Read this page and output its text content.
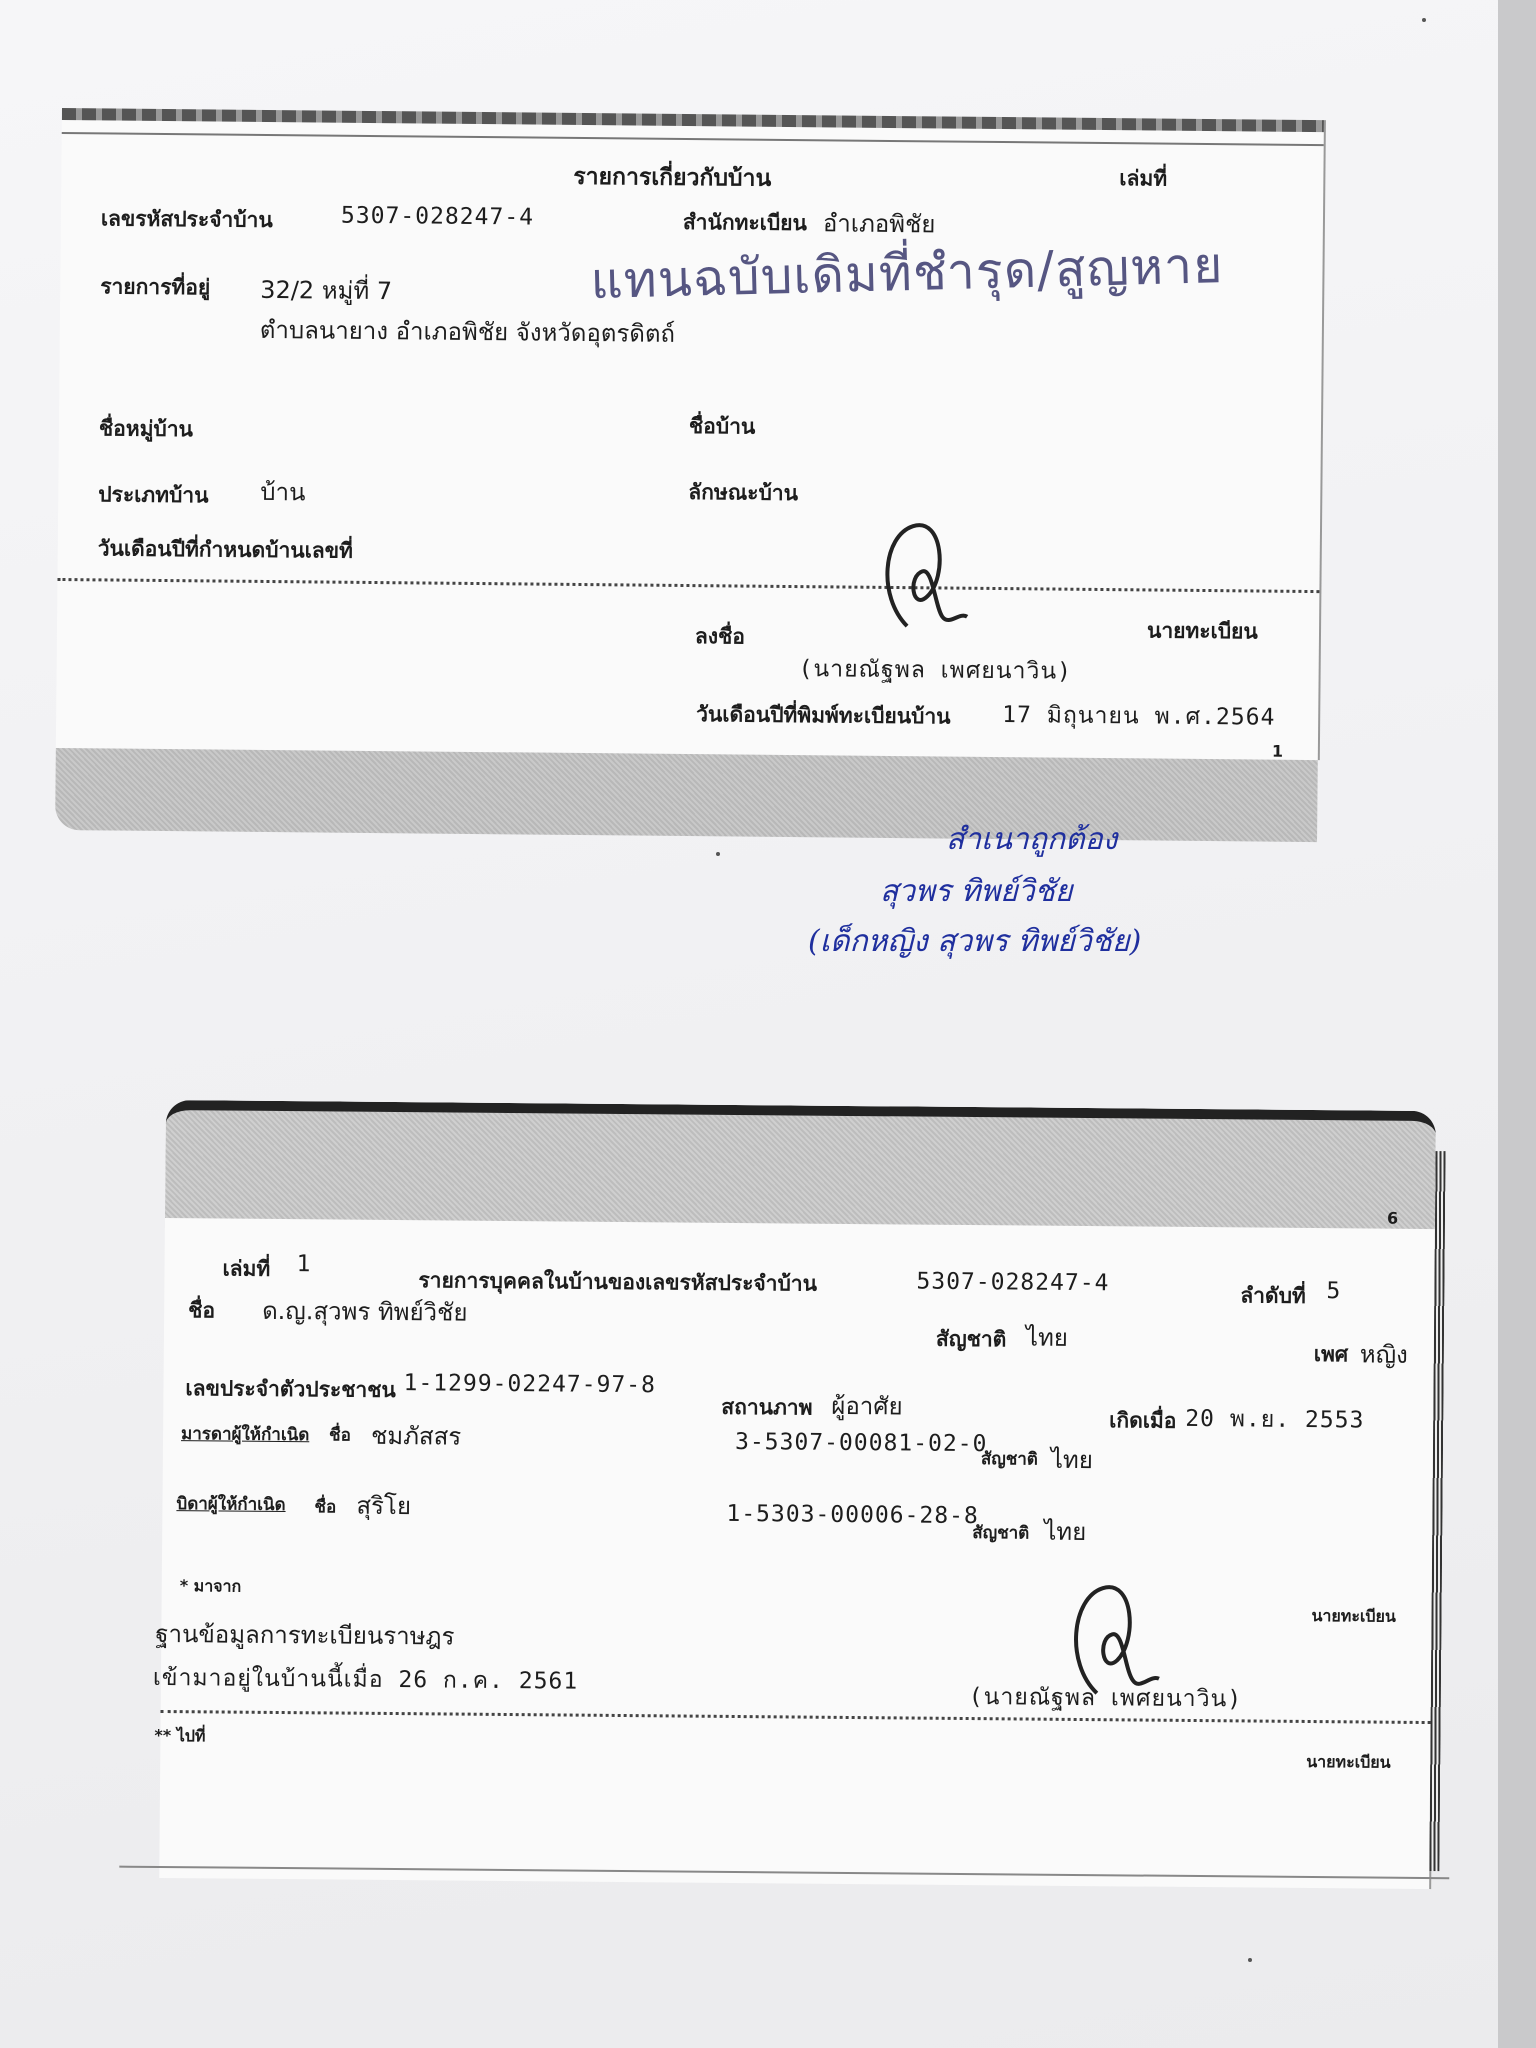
รายการเกี่ยวกับบ้าน	เล่มที่
เลขรหัสประจำบ้าน	5307-028247-4	สำนักทะเบียน อำเภอพิชัย
แทนฉบับเดิมที่ชำรุด/สูญหาย
รายการที่อยู่ 32/2 หมู่ที่ 7
ตำบลนายาง อำเภอพิชัย จังหวัดอุตรดิตถ์
ชื่อหมู่บ้าน	ชื่อบ้าน
ประเภทบ้าน บ้าน	ลักษณะบ้าน
วันเดือนปีที่กำหนดบ้านเลขที่
ลงชื่อ	นายทะเบียน
(นายณัฐพล เพศยนาวิน)
วันเดือนปีที่พิมพ์ทะเบียนบ้าน 17 มิถุนายน พ.ศ.2564
1
สำเนาถูกต้อง
สุวพร ทิพย์วิชัย
(เด็กหญิง สุวพร ทิพย์วิชัย)
6
เล่มที่ 1
รายการบุคคลในบ้านของเลขรหัสประจำบ้าน	5307-028247-4	ลำดับที่ 5
ชื่อ ด.ญ.สุวพร ทิพย์วิชัย
สัญชาติ ไทย
เพศ หญิง
เลขประจำตัวประชาชน 1-1299-02247-97-8
สถานภาพ ผู้อาศัย
เกิดเมื่อ 20 พ.ย. 2553
มารดาผู้ให้กำเนิด ชื่อ ชมภัสสร	3-5307-00081-02-0
สัญชาติ ไทย
บิดาผู้ให้กำเนิด ชื่อ สุริโย	1-5303-00006-28-8
สัญชาติ ไทย
* มาจาก
ฐานข้อมูลการทะเบียนราษฎร
เข้ามาอยู่ในบ้านนี้เมื่อ 26 ก.ค. 2561
นายทะเบียน
(นายณัฐพล เพศยนาวิน)
** ไปที่
นายทะเบียน
